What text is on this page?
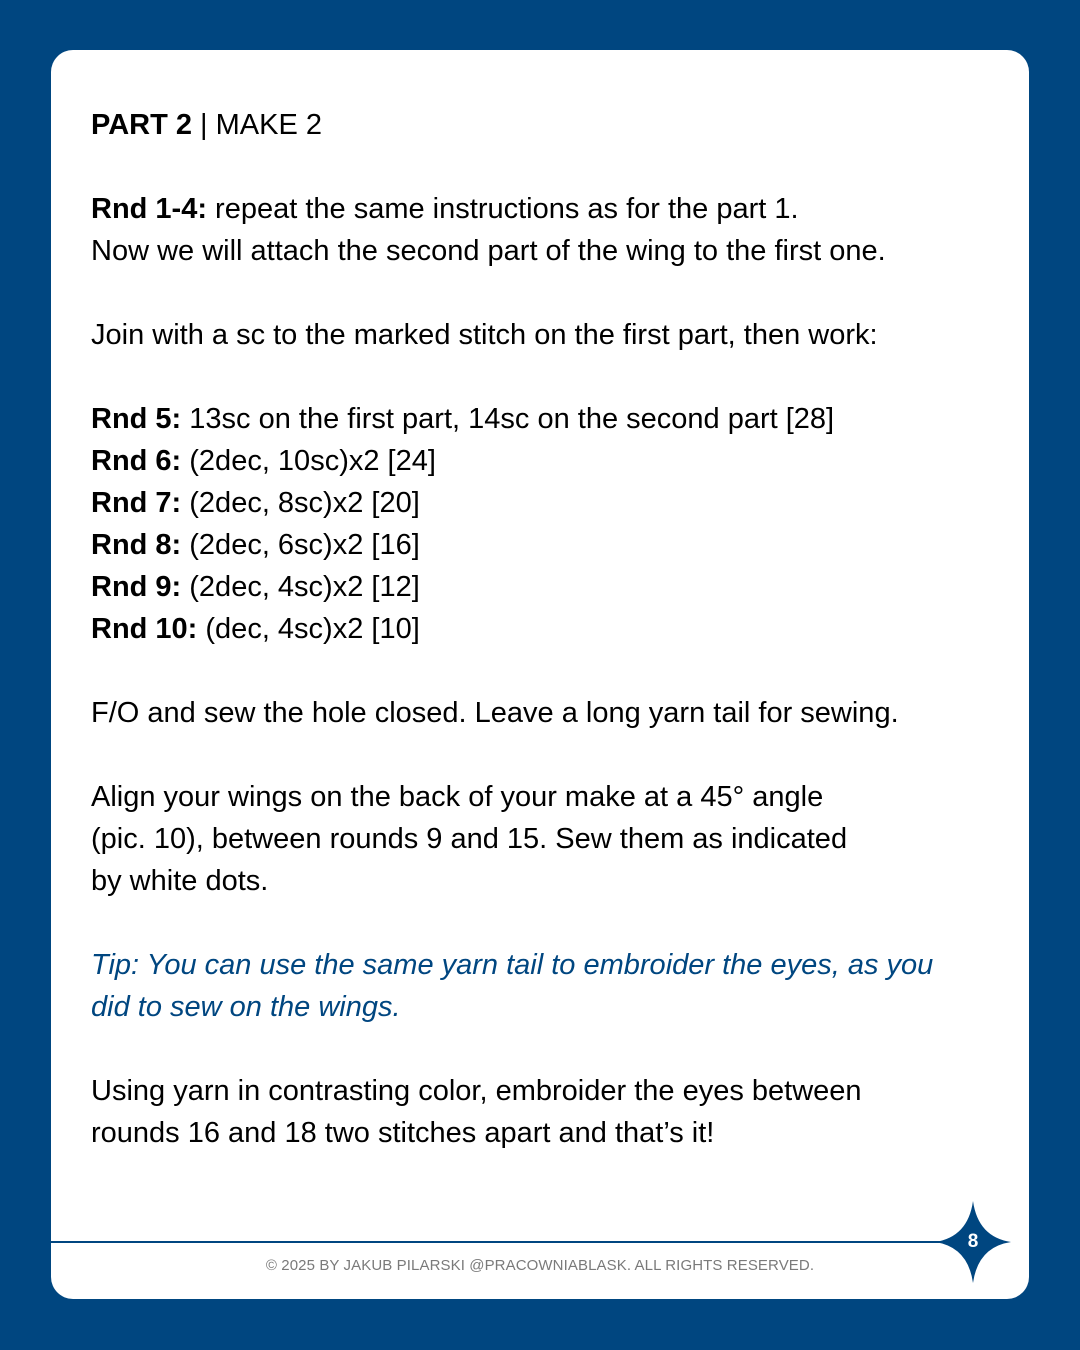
PART 2 | MAKE 2

Rnd 1-4: repeat the same instructions as for the part 1.

Now we will attach the second part of the wing to the first one.

Join with a sc to the marked stitch on the first part, then work:

Rnd 5: 13sc on the first part, 14sc on the second part [28]

Rnd 6: (2dec, 10sc)x2 [24]

Rnd 7: (2dec, 8sc)x2 [20]

Rnd 8: (2dec, 6sc)x2 [16]

Rnd 9: (2dec, 4sc)x2 [12]

Rnd 10: (dec, 4sc)x2 [10]

F/O and sew the hole closed. Leave a long yarn tail for sewing.

Align your wings on the back of your make at a 45° angle

(pic. 10), between rounds 9 and 15. Sew them as indicated

by white dots.

Tip: You can use the same yarn tail to embroider the eyes, as you

did to sew on the wings.

Using yarn in contrasting color, embroider the eyes between

rounds 16 and 18 two stitches apart and that’s it!

© 2025 BY JAKUB PILARSKI @PRACOWNIABLASK. ALL RIGHTS RESERVED.
8
